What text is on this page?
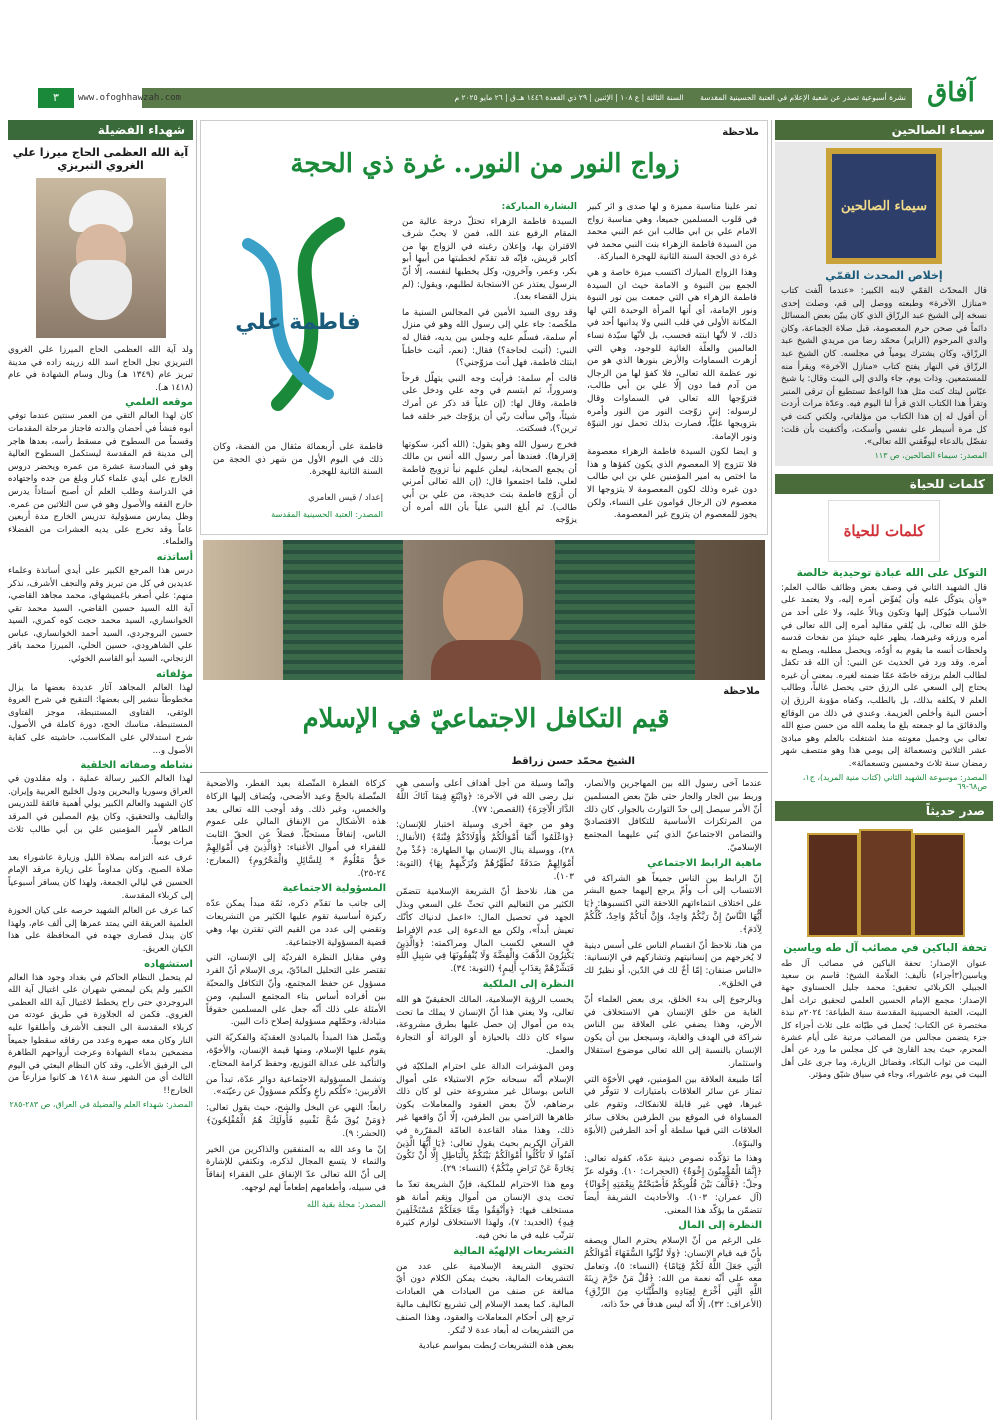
آفاق
نشرة أسبوعية تصدر عن شعبة الإعلام في العتبة الحسينية المقدسة السنة الثالثة | ع ١٠٨ | الإثنين | ٢٩ ذي القعدة ١٤٤٦ هـ.ق | ٢٦ مايو ٢٠٢٥ م
٣	www.ofoghhawzah.com
سيماء الصالحين
سيماء الصالحين
إخلاص المحدث القمّي
قال المحدّث القمّي لابنه الكبير: «عندما ألّفت كتاب «منازل الآخرة» وطبعته ووصل إلى قم، وصلت إحدى نسخه إلى الشيخ عبد الرزّاق الذي كان يبيّن بعض المسائل دائماً في صحن حرم المعصومة، قبل صلاة الجماعة، وكان والدي المرحوم (الزاير) محمّد رضا من مريدي الشيخ عبد الرزّاق، وكان يشترك يومياً في مجلسه. كان الشيخ عبد الرزّاق في النهار يفتح كتاب «منازل الآخرة» ويقرأ منه للمستمعين. وذات يوم، جاء والدي إلى البيت وقال: يا شيخ عبّاس ليتك كنت مثل هذا الواعظ تستطيع أن ترقى المنبر وتقرأ هذا الكتاب الذي قرأ لنا اليوم فيه. وعدّة مرات أردت أن أقول له إن هذا الكتاب من مؤلفاتي، ولكني كنت في كل مرة أسيطر على نفسي وأسكت، وأكتفيت بأن قلت: تفضّل بالدعاء ليوفّقني الله تعالى».
المصدر: سيماء الصالحين، ص ١١٣
كلمات للحياة
كلمات للحياة
التوكل على الله عبادة توحيدية خالصة
قال الشهيد الثاني في وصف بعض وظائف طالب العلم: «وأن يتوكّل عليه وأن يُفوِّض أمره إليه، ولا يعتمد على الأسباب فيُوكل إليها وتكون وبالاً عليه، ولا على أحد من خلق الله تعالى، بل يُلقي مقاليد أمره إلى الله تعالى في أمره ورزقه وغيرهما، يظهر عليه حينئذٍ من نفحات قدسه ولحظات أنسه ما يقوم به أوَدُه، ويحصل مطلبه، ويصلح به أمره. وقد ورد في الحديث عن النبي: أن الله قد تكفل لطالب العلم برزقه خاصّة عمّا ضمنه لغيره. بمعنى أن غيره يحتاج إلى السعي على الرزق حتى يحصل غالباً، وطالب العلم لا يكلفه بذلك، بل بالطلب، وكفاه مؤونة الرزق إن أحسن النية وأخلص العزيمة. وعندي في ذلك من الوقائع والدقائق ما لو جمعته بلغ ما يعلمه الله من حسن صنع الله تعالى بي وجميل معونته منذ اشتغلت بالعلم وهو مبادئ عشر الثلاثين وتسعمائة إلى يومي هذا وهو منتصف شهر رمضان سنة ثلاث وخمسين وتسعمائة».
المصدر: موسوعة الشهيد الثاني (كتاب منية المريد)، ج١، ص٦٨-٦٩
صدر حديثاً
تحفة الباكين في مصائب آل طه وياسين
عنوان الإصدار: تحفة الباكين في مصائب آل طه وياسين(٣أجزاء) تأليف: العلّامة الشيخ: قاسم بن سعيد الجبيلي الكربلائي تحقيق: محمد جليل الحسناوي جهة الإصدار: مجمع الإمام الحسين العلمي لتحقيق تراث أهل البيت، العتبة الحسينية المقدسة سنة الطباعة: ٢٠٢٤م نبذة مختصرة عن الكتاب: يُحمل في طيّاته على ثلاث أجزاء كل جزء يتضمن مجالس من المصائب مرتبة على أيام عشرة المحرم، حيث يجد القارئ في كل مجلس ما ورد عن أهل البيت من ثواب البكاء، وفضائل الزيارة، وما جرى على أهل البيت في يوم عاشوراء، وجاء في سياق شيّق ومؤثر.
شهداء الفضيلة
آية الله العظمى الحاج ميرزا علي الغروي التبريزي
ولد آية الله العظمى الحاج الميرزا علي الغروي التبريزي نجل الحاج اسد الله زرينه زاده في مدينة تبريز عام (١٣٤٩ هـ) ونال وسام الشهادة في عام (١٤١٨ هـ).
موقعه العلمي
كان لهذا العالم التقي من العمر سنتين عندما توفي أبوه فنشأ في أحضان والدته فاجتاز مرحلة المقدمات وقسماً من السطوح في مسقط رأسه، بعدها هاجر إلى مدينة قم المقدسة ليستكمل السطوح العالية وهو في السادسة عشرة من عمره ويحضر دروس الخارج على أيدي علماء كبار وبلغ من جده واجتهاده في الدراسة وطلب العلم أن أصبح أستاذاً يدرس خارج الفقه والأصول وهو في سن الثلاثين من عمره. وظل يمارس مسؤولية تدريس الخارج مدة أربعين عاماً وقد تخرج على يديه العشرات من الفضلاء والعلماء.
أساتذته
درس هذا المرجع الكبير على أيدي أساتذة وعلماء عديدين في كل من تبريز وقم والنجف الأشرف، نذكر منهم: علي أصغر باغميشهاي، محمد مجاهد القاضي، آية الله السيد حسين القاضي، السيد محمد تقي الخوانساري، السيد محمد حجت كوه كمري، السيد حسين البروجردي، السيد أحمد الخوانساري، عباس علي الشاهرودي، حسين الحلي، الميرزا محمد باقر الزنجاني، السيد أبو القاسم الخوئي.
مؤلفاته
لهذا العالم المجاهد آثار عديدة بعضها ما يزال مخطوطاً ننشير إلى بعضها: التنقيح في شرح العروة الوثقى، الفتاوى المستنبطة، موجز الفتاوى المستنبطة، مناسك الحج، دورة كاملة في الأصول، شرح استدلالي على المكاسب، حاشيته على كفاية الأصول و...
نشاطه وصفاته الخلقية
لهذا العالم الكبير رسالة عملية ، وله مقلدون في العراق وسوريا والبحرين ودول الخليج العربية وإيران. كان الشهيد والعالم الكبير يولي أهمية فائقة للتدريس والتأليف والتحقيق، وكان يؤم المصلين في المرقد الطاهر لأمير المؤمنين علي بن أبي طالب ثلاث مرات يومياً.
عرف عنه التزامه بصلاة الليل وزيارة عاشوراء بعد صلاة الصبح، وكان مداوماً على زيارة مرقد الإمام الحسين في ليالي الجمعة، ولهذا كان يسافر أسبوعياً إلى كربلاء المقدسة.
كما عرف عن العالم الشهيد حرصه على كيان الحوزة العلمية العريقة التي يمتد عمرها إلى ألف عام، ولهذا كان يبذل قصارى جهده في المحافظة على هذا الكيان العريق.
استشهاده
لم يتحمل النظام الحاكم في بغداد وجود هذا العالم الكبير ولم يكن ليمضي شهران على اغتيال آية الله البروجردي حتى راح يخطط لاغتيال آية الله العظمى الغروي. فكمن له الجلاوزة في طريق عودته من كربلاء المقدسة الى النجف الأشرف وأطلقوا عليه النار وكان معه صهره وعدد من رفاقه سقطوا جميعاً مضمخين بدماء الشهادة وعرجت أرواحهم الطاهرة الى الرفيق الأعلى، وقد كان النظام البعثي في اليوم الثالث أي من الشهر سنة ١٤١٨ هـ كانوا مزارعاً من الخارج!!
المصدر: شهداء العلم والفضيلة في العراق، ص ٢٨٣-٢٨٥
ملاحظة
زواج النور من النور.. غرة ذي الحجة
تمر علينا مناسبة مميزة و لها صدى و اثر كبير في قلوب المسلمين جميعا، وهي مناسبة زواج الامام علي بن ابي طالب ابن عم النبي محمد من السيدة فاطمة الزهراء بنت النبي محمد في غرة ذي الحجة السنة الثانية للهجرة المباركة.
وهذا الزواج المبارك اكتسب ميزة خاصة و هي الجمع بين النبوة و الامامة حيث ان السيدة فاطمة الزهراء هي التي جمعت بين نور النبوة ونور الإمامة، أي أنها المرأة الوحيدة التي لها المكانة الأولى في قلب النبي ولا يدانيها أحد في ذلك، لا لأنّها ابنته فحسب، بل لأنّها سيّدة نساء العالمين والعلّة الغائية للوجود، وهي التي أزهرت السماوات والأرض بنورها الذي هو من نور عظمة الله تعالى، فلا كفؤ لها من الرجال من آدم فما دون إلّا علي بن أبي طالب، فتزوّجها الله تعالى في السماوات وقال لرسوله: إني زوّجت النور من النور وأمره بتزويجها عليّاً، فصارت بذلك تحمل نور النبوّة ونور الإمامة.
و ايضا لكون السيدة فاطمة الزهراء معصومة فلا تتزوج إلا المعصوم الذي يكون كفؤها و هذا ما اختص به امير المؤمنين علي بن ابي طالب دون غيره وذلك لكون المعصومة لا يتزوجها الا معصوم لان الرجال قوامون على النساء، ولكن يجوز للمعصوم ان يتزوج غير المعصومة.
البشارة المباركة:
السيدة فاطمة الزهراء تحتلّ درجة عالية من المقام الرفيع عند الله، فمن لا يحبّ شرف الاقتران بها، وإعلان رغبته في الزواج بها من أكابر قريش، فإنّه قد تقدّم لخطبتها من أبيها أبو بكر، وعمر، وآخرون، وكل يخطبها لنفسه، إلّا أنّ الرسول يعتذر عن الاستجابة لطلبهم، ويقول: (لم ينزل القضاء بعد).
وقد روى السيد الأمين في المجالس السنية ما ملخّصه: جاء علي إلى رسول الله وهو في منزل أم سلمة، فسلّم عليه وجلس بين يديه، فقال له النبي: (أتيت لحاجة؟) فقال: (نعم، أتيت خاطباً ابنتك فاطمة، فهل أنت مزوّجني؟)
قالت أم سلمة: فرأيت وجه النبي يتهلّل فرحاً وسروراً، ثم ابتسم في وجه علي ودخل على فاطمة، وقال لها: (إن علياً قد ذكر عن أمرك شيئاً، وإنّي سألت ربّي أن يزوّجك خير خلقه فما ترين؟)، فسكتت.
فخرج رسول الله وهو يقول: (الله أكبر، سكوتها إقرارها). فعندها أمر رسول الله أنس بن مالك أن يجمع الصحابة، ليعلن عليهم نبأ تزويج فاطمة لعلي، فلما اجتمعوا قال: (إن الله تعالى أمرني أن أزوّج فاطمة بنت خديجة، من علي بن أبي طالب). ثم أبلغ النبي علياً بأن الله أمره أن يزوّجه
فاطمة علي
فاطمة على أربعمائة مثقال من الفضة، وكان ذلك في اليوم الأول من شهر ذي الحجة من السنة الثانية للهجرة.
إعداد / قيس العامري
المصدر: العتبة الحسينية المقدسة
ملاحظة
قيم التكافل الاجتماعيّ في الإسلام
الشيخ محمّد حسن زراقط
عندما آخى رسول الله بين المهاجرين والأنصار، وربط بين الجار والجار حتى ظنّ بعض المسلمين أنّ الأمر سيصل إلى حدّ التوارث بالجوار، كان ذلك من المرتكزات الأساسية للتكافل الاقتصاديّ والتضامن الاجتماعيّ الذي بُني عليهما المجتمع الإسلاميّ.
ماهية الرابط الاجتماعي
إنّ الرابط بين الناس جميعاً هو الشراكة في الانتساب إلى أب وأمّ يرجع إليهما جميع البشر على اختلاف انتماءاتهم اللاحقة التي اكتسبوها: ﴿يَا أَيُّهَا النَّاسُ إِنَّ رَبَّكُمْ وَاحِدٌ، وَإِنَّ أَبَاكُمْ وَاحِدٌ، كُلُّكُمْ لِآدَمَ﴾.
من هنا، نلاحظ أنّ انقسام الناس على أسس دينية لا يُخرجهم من إنسانيتهم وتشاركهم في الإنسانية: «الناس صنفان: إمّا أخٌ لك في الدّين، أو نظيرٌ لك في الخلق».
وبالرجوع إلى بدء الخلق، يرى بعض العلماء أنّ الغاية من خلق الإنسان هي الاستخلاف في الأرض، وهذا يضفي على العلاقة بين الناس شراكة في الهدف والغاية، وسيجعل بين أن يكون الإنسان بالنسبة إلى الله تعالى موضوع استقلال واستثمار.
أمّا طبيعة العلاقة بين المؤمنين، فهي الأخوّة التي تمتاز عن سائر العلاقات بامتيازات لا تتوفّر في غيرها، فهي غير قابلة للانفكاك، وتقوم على المساواة في الموقع بين الطرفين بخلاف سائر العلاقات التي فيها سلطة أو أحد الطرفين (الأبوّة والبنوّة).
وهذا ما تؤكّده نصوص دينية عدّة، كقوله تعالى: ﴿إِنَّمَا الْمُؤْمِنُونَ إِخْوَةٌ﴾ (الحجرات: ١٠). وقوله عزّ وجلّ: ﴿فَأَلَّفَ بَيْنَ قُلُوبِكُمْ فَأَصْبَحْتُمْ بِنِعْمَتِهِ إِخْوَانًا﴾ (آل عمران: ١٠٣). والأحاديث الشريفة أيضاً تتضمّن ما يؤكّد هذا المعنى.
النظرة إلى المال
على الرغم من أنّ الإسلام يحترم المال ويصفه بأنّ فيه قيام الإنسان: ﴿وَلَا تُؤْتُوا السُّفَهَاءَ أَمْوَالَكُمُ الَّتِي جَعَلَ اللَّهُ لَكُمْ قِيَامًا﴾ (النساء: ٥)، وتعامل معه على أنّه نعمة من الله: ﴿قُلْ مَنْ حَرَّمَ زِينَةَ اللَّهِ الَّتِي أَخْرَجَ لِعِبَادِهِ وَالطَّيِّبَاتِ مِنَ الرِّزْقِ﴾ (الأعراف: ٣٢)، إلّا أنّه ليس هدفاً في حدّ ذاته،
وإنّما وسيلة من أجل أهداف أعلى وأسمى هي نيل رضى الله في الآخرة: ﴿وَابْتَغِ فِيمَا آتَاكَ اللَّهُ الدَّارَ الْآخِرَةَ﴾ (القصص: ٧٧).
وهو من جهة أخرى وسيلة اختبار للإنسان: ﴿وَاعْلَمُوا أَنَّمَا أَمْوَالُكُمْ وَأَوْلَادُكُمْ فِتْنَةٌ﴾ (الأنفال: ٢٨)، ووسيلة ينال الإنسان بها الطهارة: ﴿خُذْ مِنْ أَمْوَالِهِمْ صَدَقَةً تُطَهِّرُهُمْ وَتُزَكِّيهِمْ بِهَا﴾ (التوبة: ١٠٣).
من هنا، نلاحظ أنّ الشريعة الإسلامية تتضمّن الكثير من التعاليم التي تحثّ على السعي وبذل الجهد في تحصيل المال: «اعمل لدنياك كأنّك تعيش أبداً»، ولكن مع الدعوة إلى عدم الإفراط في السعي لكسب المال ومراكمته: ﴿وَالَّذِينَ يَكْنِزُونَ الذَّهَبَ وَالْفِضَّةَ وَلَا يُنْفِقُونَهَا فِي سَبِيلِ اللَّهِ فَبَشِّرْهُمْ بِعَذَابٍ أَلِيمٍ﴾ (التوبة: ٣٤).
النظرة إلى الملكية
يحسب الرؤية الإسلامية، المالك الحقيقيّ هو الله تعالى، ولا يعني هذا أنّ الإنسان لا يملك ما تحت يده من أموال إن حصل عليها بطرق مشروعة، سواء كان ذلك بالحيازة أو الوراثة أو التجارة والعمل.
ومن المؤشرات الدالة على احترام الملكيّة في الإسلام أنّه سبحانه حرّم الاستيلاء على أموال الناس بوسائل غير مشروعة حتى لو كان ذلك برضاهم، لأنّ بعض العقود والمعاملات يكون ظاهرها التراضي بين الطرفين، إلّا أنّ واقعها غير ذلك، وهذا مفاد القاعدة العامّة المقرّرة في القرآن الكريم بحيث يقول تعالى: ﴿يَا أَيُّهَا الَّذِينَ آمَنُوا لَا تَأْكُلُوا أَمْوَالَكُمْ بَيْنَكُمْ بِالْبَاطِلِ إِلَّا أَنْ تَكُونَ تِجَارَةً عَنْ تَرَاضٍ مِنْكُمْ﴾ (النساء: ٢٩).
ومع هذا الاحترام للملكية، فإنّ الشريعة تعدّ ما تحت يدي الإنسان من أموال ونِعَم أمانة هو مستخلف فيها: ﴿وَأَنْفِقُوا مِمَّا جَعَلَكُمْ مُسْتَخْلَفِينَ فِيهِ﴾ (الحديد: ٧)، ولهذا الاستخلاف لوازم كثيرة تترتّب عليه في ما نحن فيه.
التشريعات الإلهيّة المالية
تحتوي الشريعة الإسلامية على عدد من التشريعات المالية، بحيث يمكن الكلام دون أيّ مبالغة عن صنف من العبادات هي العبادات المالية. كما يعمد الإسلام إلى تشريع تكاليف مالية ترجع إلى أحكام المعاملات والعقود، وهذا الصنف من التشريعات له أبعاد عدة لا تُنكر.
بعض هذه التشريعات رُبطت بمواسم عبادية
كزكاة الفطرة المتّصلة بعيد الفطر، والأضحية المتّصلة بالحجّ وعيد الأضحى، ويُضاف إليها الزكاة والخمس، وغير ذلك. وقد أوجب الله تعالى بعد هذه الأشكال من الإنفاق المالي على عموم الناس، إنفاقاً مستحبّاً، فضلاً عن الحقّ الثابت للفقراء في أموال الأغنياء: ﴿وَالَّذِينَ فِي أَمْوَالِهِمْ حَقٌّ مَعْلُومٌ * لِلسَّائِلِ وَالْمَحْرُومِ﴾ (المعارج: ٢٤-٢٥).
المسؤولية الاجتماعية
إلى جانب ما تقدّم ذكره، ثمّة مبدأ يمكن عدّه ركيزة أساسية تقوم عليها الكثير من التشريعات وتقضي إلى عدد من القيم التي تقترن بها، وهي قضية المسؤولية الاجتماعية.
وفي مقابل النظرة الفرديّة إلى الإنسان، التي تقتصر على التحليل المادّيّ، يرى الإسلام أنّ الفرد مسؤول عن حفظ المجتمع، وأنّ التكافل والمحبّة بين أفراده أساس بناء المجتمع السليم، ومن الأمثلة على ذلك أنّه جعل على المسلمين حقوقاً متبادلة، وحمّلهم مسؤولية إصلاح ذات البين.
ويتّصل هذا المبدأ بالمبادئ العقديّة والفكريّة التي يقوم عليها الإسلام، ومنها قيمة الإنسان، والأخوّة، والتأكيد على عدالة التوزيع، وحفظ كرامة المحتاج.
وتشمل المسؤولية الاجتماعية دوائر عدّة، تبدأ من الأقربين: «كلّكم راعٍ وكلّكم مسؤولٌ عن رعيّته».
رابعاً: النهي عن البخل والشح، حيث يقول تعالى: ﴿وَمَنْ يُوقَ شُحَّ نَفْسِهِ فَأُولَئِكَ هُمُ الْمُفْلِحُونَ﴾ (الحشر: ٩).
إنّ ما وعد الله به المنفقين والذاكرين من الخير والنماء لا يتسع المجال لذكره، ونكتفي للإشارة إلى أنّ الله تعالى عدّ الإنفاق على الفقراء إنفاقاً في سبيله، وأطعامهم إطعاماً لهم لوجهه.
المصدر: مجلة بقية الله
